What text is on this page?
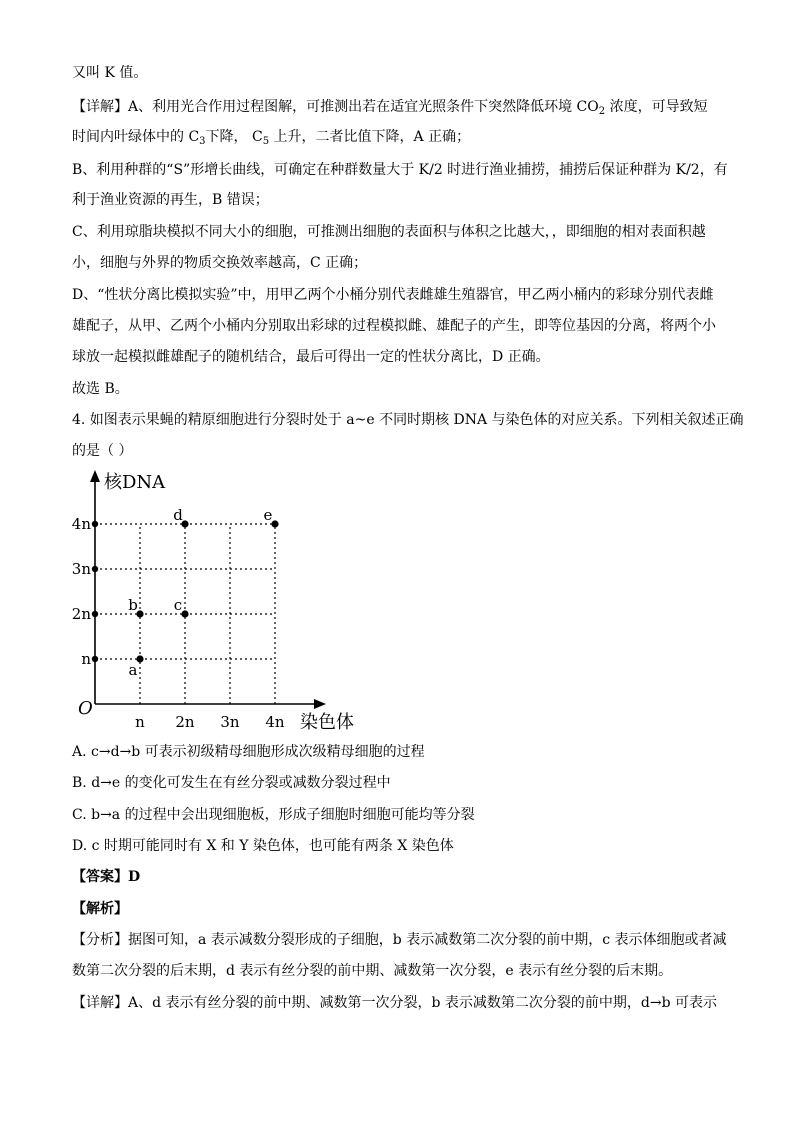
又叫 K 值。
【详解】A、利用光合作用过程图解，可推测出若在适宜光照条件下突然降低环境 $CO_2$ 浓度，可导致短
时间内叶绿体中的 $C_3$下降， $C_5$ 上升，二者比值下降，A 正确；
B、利用种群的“S”形增长曲线，可确定在种群数量大于 K/2 时进行渔业捕捞，捕捞后保证种群为 K/2，有
利于渔业资源的再生，B 错误；
C、利用琼脂块模拟不同大小的细胞，可推测出细胞的表面积与体积之比越大，，即细胞的相对表面积越
小，细胞与外界的物质交换效率越高，C 正确；
D、“性状分离比模拟实验”中，用甲乙两个小桶分别代表雌雄生殖器官，甲乙两小桶内的彩球分别代表雌
雄配子，从甲、乙两个小桶内分别取出彩球的过程模拟雌、雄配子的产生，即等位基因的分离，将两个小
球放一起模拟雌雄配子的随机结合，最后可得出一定的性状分离比，D 正确。
故选 B。
4. 如图表示果蝇的精原细胞进行分裂时处于 a~e 不同时期核 DNA 与染色体的对应关系。下列相关叙述正确
的是（ ）
核DNA
染色体
O
n 2n 3n 4n
n
2n
3n
4n
a
b c
d	e
A. c→d→b 可表示初级精母细胞形成次级精母细胞的过程
B. d→e 的变化可发生在有丝分裂或减数分裂过程中
C. b→a 的过程中会出现细胞板，形成子细胞时细胞可能均等分裂
D. c 时期可能同时有 X 和 Y 染色体，也可能有两条 X 染色体
【答案】D
【解析】
【分析】据图可知，a 表示减数分裂形成的子细胞，b 表示减数第二次分裂的前中期，c 表示体细胞或者减
数第二次分裂的后末期，d 表示有丝分裂的前中期、减数第一次分裂，e 表示有丝分裂的后末期。
【详解】A、d 表示有丝分裂的前中期、减数第一次分裂，b 表示减数第二次分裂的前中期，d→b 可表示
